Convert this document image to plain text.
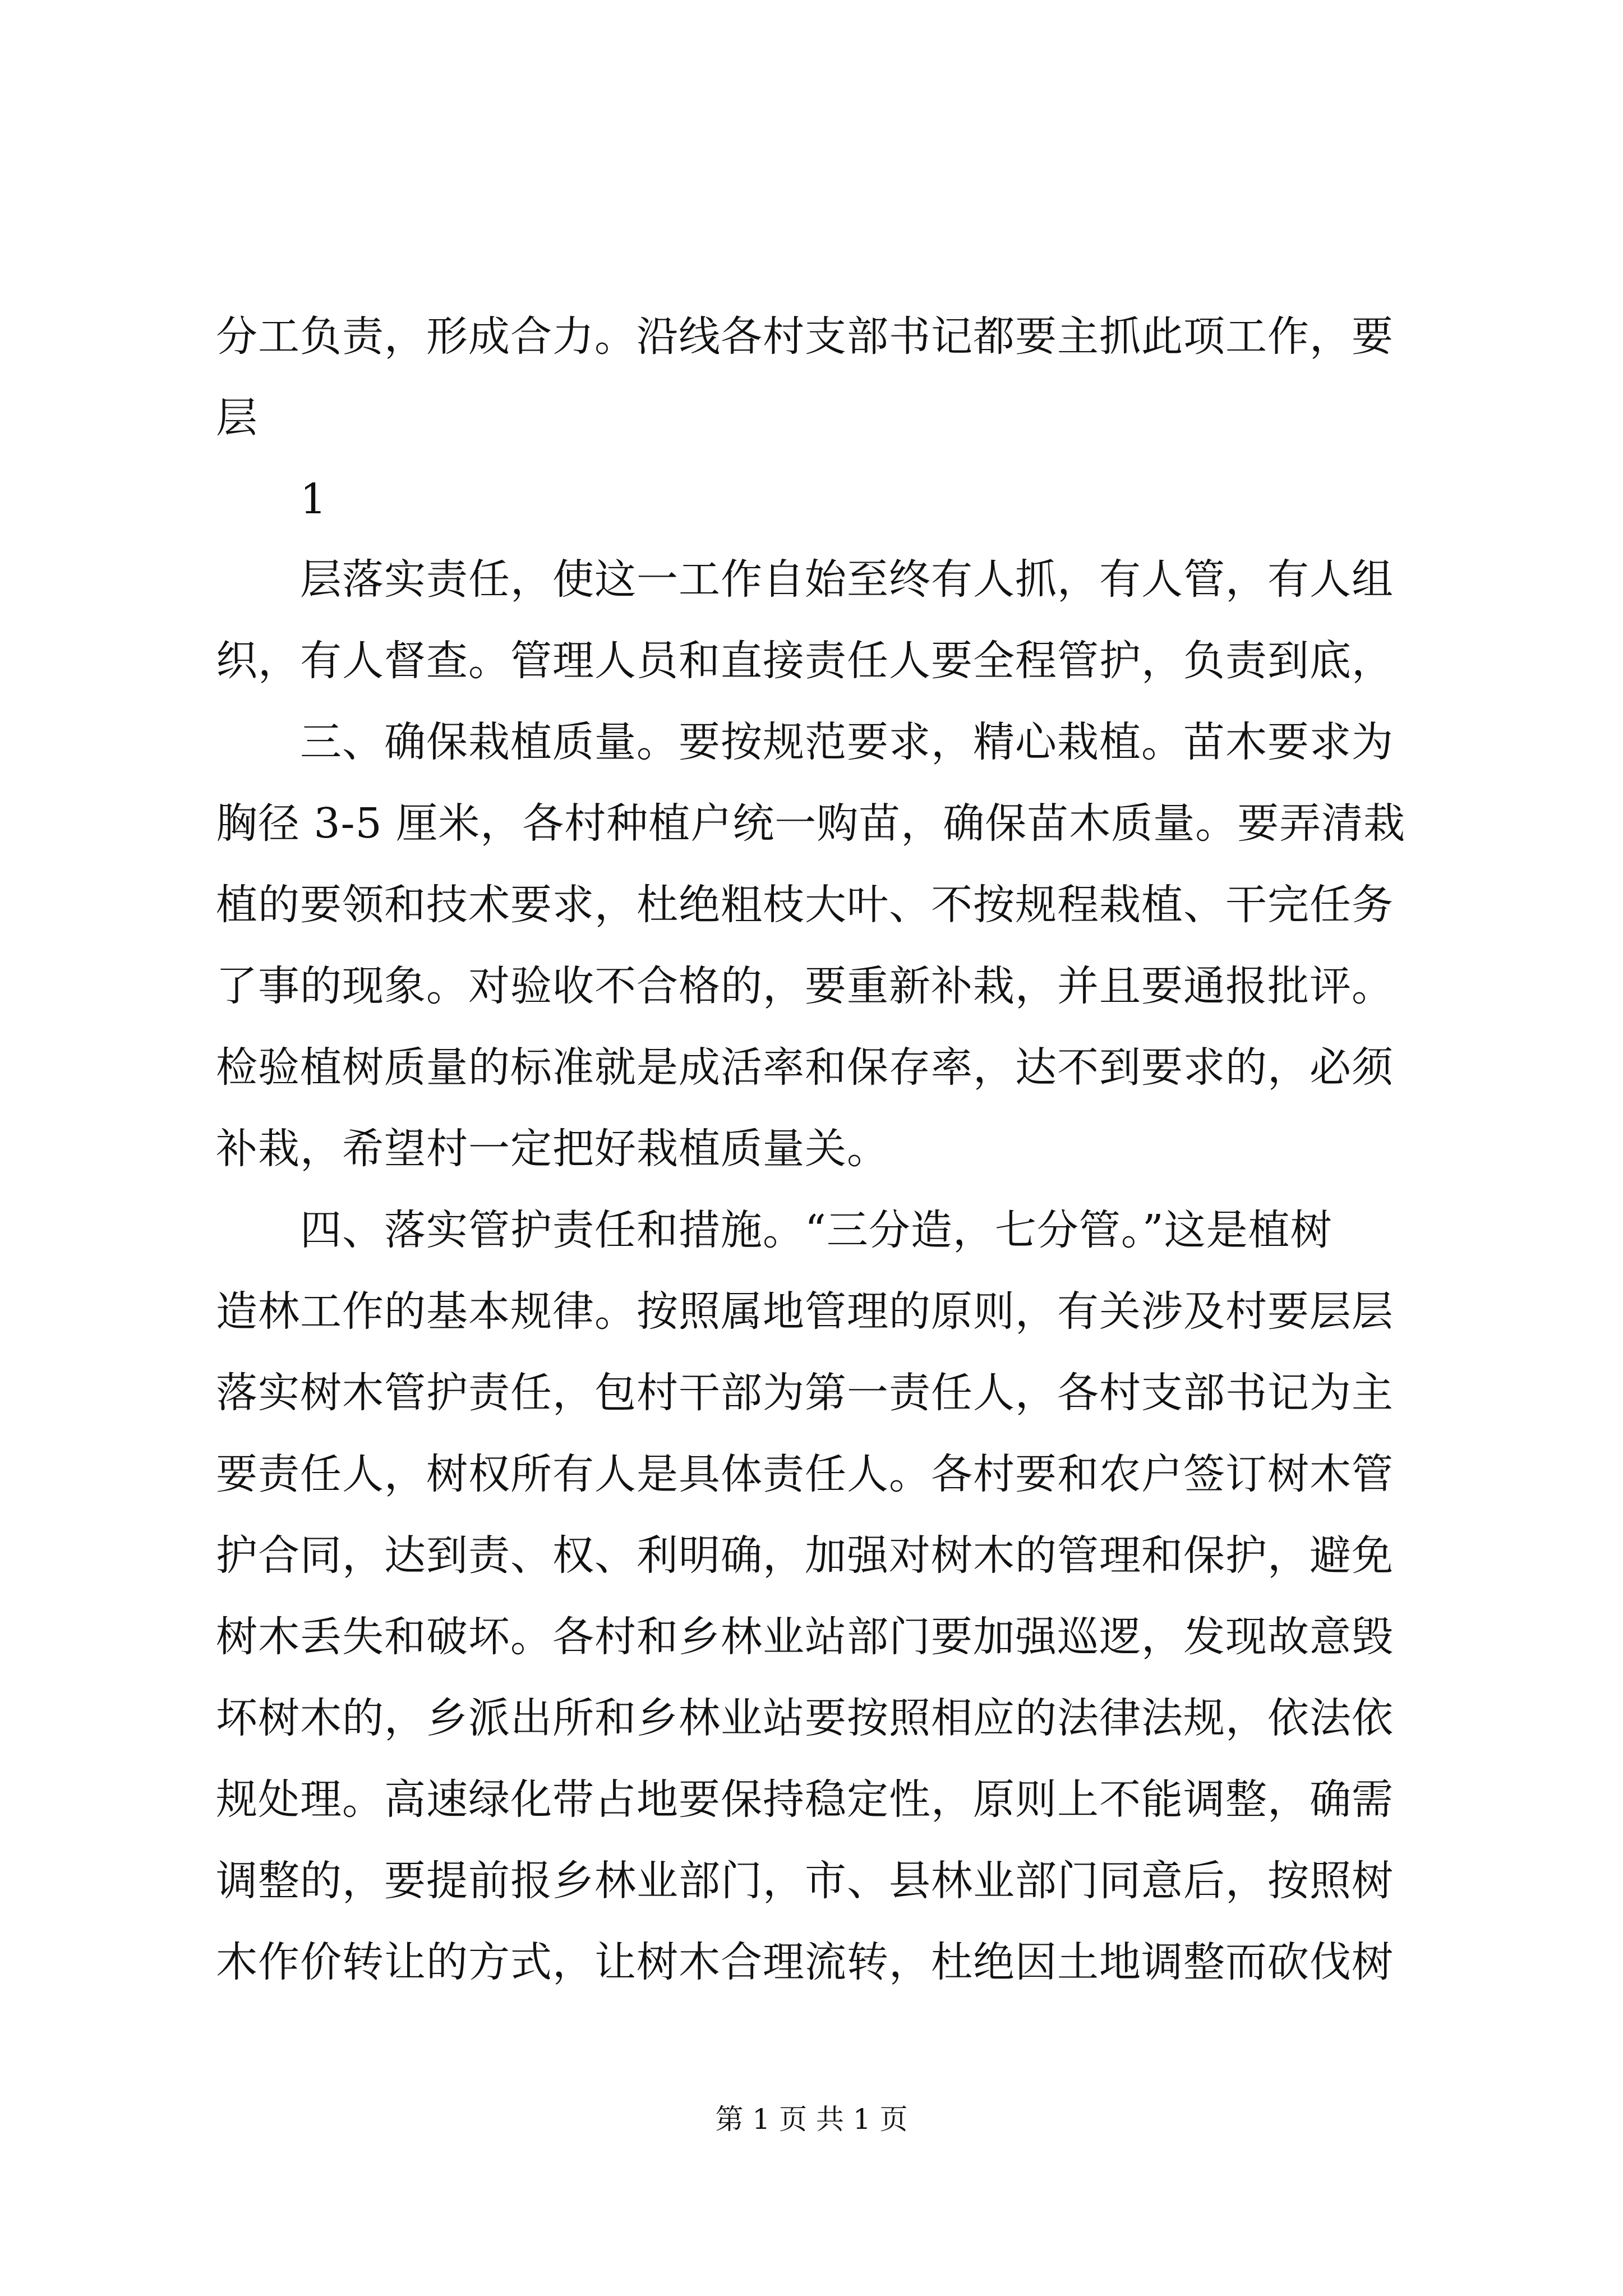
分工负责，形成合力。沿线各村支部书记都要主抓此项工作，要
层
1
层落实责任，使这一工作自始至终有人抓，有人管，有人组
织，有人督查。管理人员和直接责任人要全程管护，负责到底，
三、确保栽植质量。要按规范要求，精心栽植。苗木要求为
胸径 3-5 厘米，各村种植户统一购苗，确保苗木质量。要弄清栽
植的要领和技术要求，杜绝粗枝大叶、不按规程栽植、干完任务
了事的现象。对验收不合格的，要重新补栽，并且要通报批评。
检验植树质量的标准就是成活率和保存率，达不到要求的，必须
补栽，希望村一定把好栽植质量关。
四、落实管护责任和措施。“三分造，七分管。”这是植树
造林工作的基本规律。按照属地管理的原则，有关涉及村要层层
落实树木管护责任，包村干部为第一责任人，各村支部书记为主
要责任人，树权所有人是具体责任人。各村要和农户签订树木管
护合同，达到责、权、利明确，加强对树木的管理和保护，避免
树木丢失和破坏。各村和乡林业站部门要加强巡逻，发现故意毁
坏树木的，乡派出所和乡林业站要按照相应的法律法规，依法依
规处理。高速绿化带占地要保持稳定性，原则上不能调整，确需
调整的，要提前报乡林业部门，市、县林业部门同意后，按照树
木作价转让的方式，让树木合理流转，杜绝因土地调整而砍伐树
第 1 页 共 1 页
